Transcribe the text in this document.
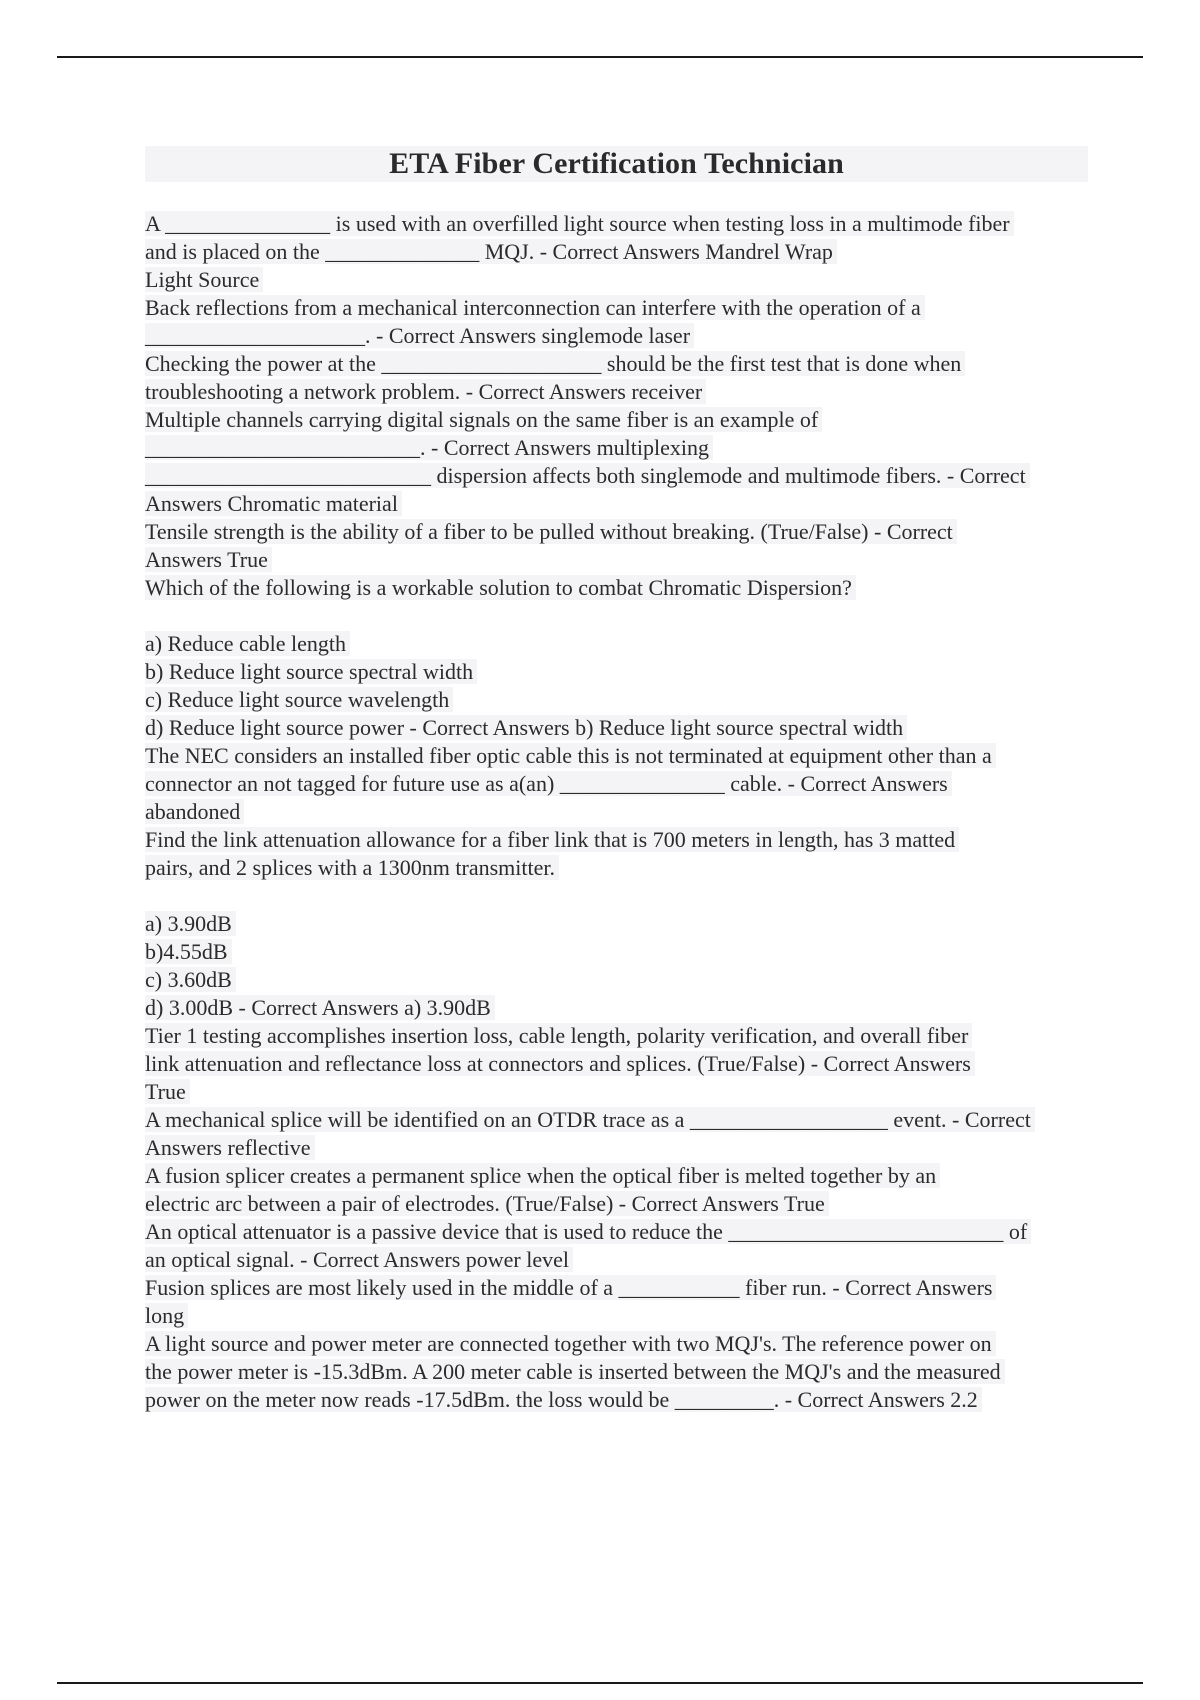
ETA Fiber Certification Technician
A _______________ is used with an overfilled light source when testing loss in a multimode fiber
and is placed on the ______________ MQJ. - Correct Answers Mandrel Wrap
Light Source
Back reflections from a mechanical interconnection can interfere with the operation of a
____________________. - Correct Answers singlemode laser
Checking the power at the ____________________ should be the first test that is done when
troubleshooting a network problem. - Correct Answers receiver
Multiple channels carrying digital signals on the same fiber is an example of
_________________________. - Correct Answers multiplexing
__________________________ dispersion affects both singlemode and multimode fibers. - Correct
Answers Chromatic material
Tensile strength is the ability of a fiber to be pulled without breaking. (True/False) - Correct
Answers True
Which of the following is a workable solution to combat Chromatic Dispersion?
a) Reduce cable length
b) Reduce light source spectral width
c) Reduce light source wavelength
d) Reduce light source power - Correct Answers b) Reduce light source spectral width
The NEC considers an installed fiber optic cable this is not terminated at equipment other than a
connector an not tagged for future use as a(an) _______________ cable. - Correct Answers
abandoned
Find the link attenuation allowance for a fiber link that is 700 meters in length, has 3 matted
pairs, and 2 splices with a 1300nm transmitter.
a) 3.90dB
b)4.55dB
c) 3.60dB
d) 3.00dB - Correct Answers a) 3.90dB
Tier 1 testing accomplishes insertion loss, cable length, polarity verification, and overall fiber
link attenuation and reflectance loss at connectors and splices. (True/False) - Correct Answers
True
A mechanical splice will be identified on an OTDR trace as a __________________ event. - Correct
Answers reflective
A fusion splicer creates a permanent splice when the optical fiber is melted together by an
electric arc between a pair of electrodes. (True/False) - Correct Answers True
An optical attenuator is a passive device that is used to reduce the _________________________ of
an optical signal. - Correct Answers power level
Fusion splices are most likely used in the middle of a ___________ fiber run. - Correct Answers
long
A light source and power meter are connected together with two MQJ's. The reference power on
the power meter is -15.3dBm. A 200 meter cable is inserted between the MQJ's and the measured
power on the meter now reads -17.5dBm. the loss would be _________. - Correct Answers 2.2
